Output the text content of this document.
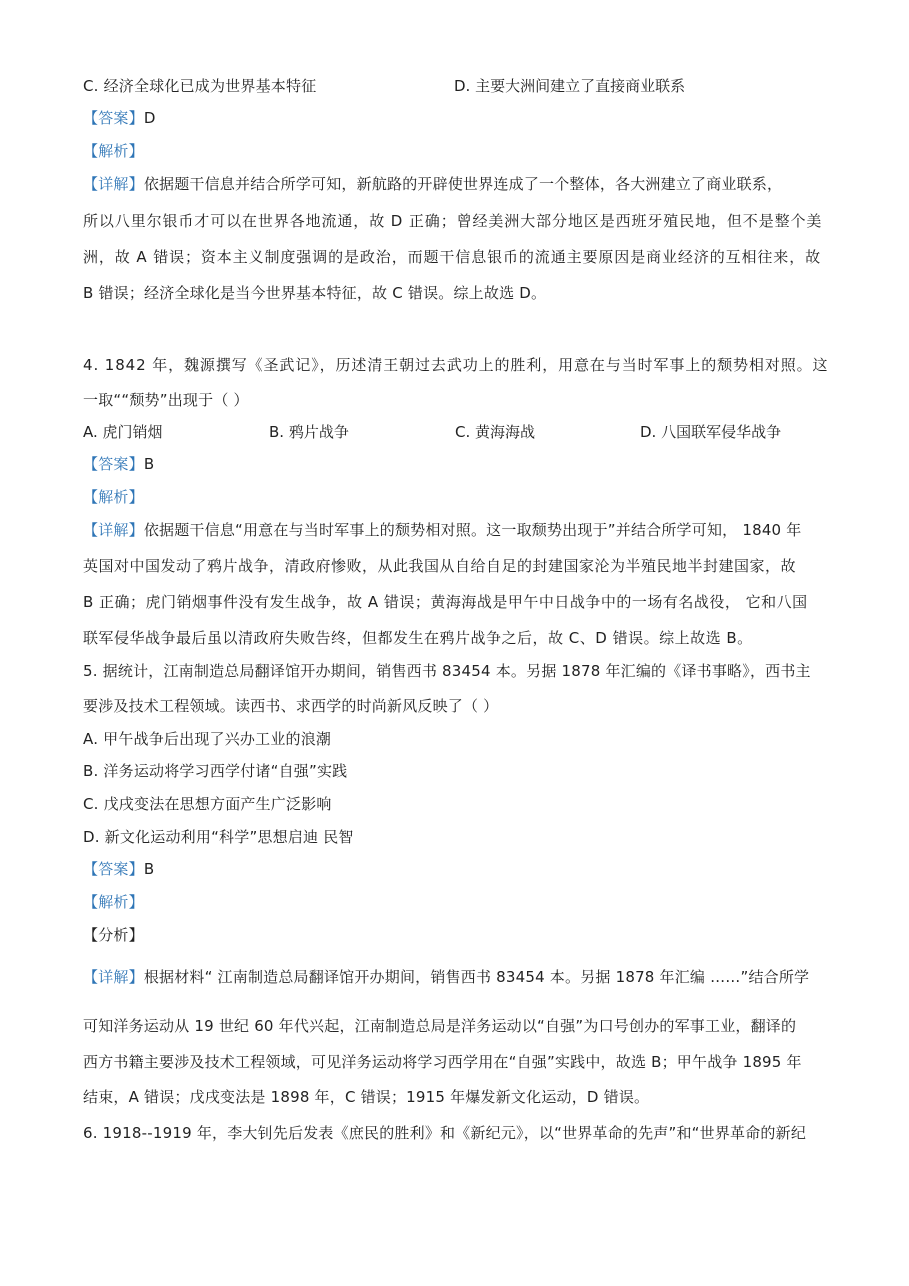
C. 经济全球化已成为世界基本特征	D. 主要大洲间建立了直接商业联系
【答案】D
【解析】
【详解】依据题干信息并结合所学可知，新航路的开辟使世界连成了一个整体，各大洲建立了商业联系，
所以八里尔银币才可以在世界各地流通，故 D 正确；曾经美洲大部分地区是西班牙殖民地，但不是整个美
洲，故 A 错误；资本主义制度强调的是政治，而题干信息银币的流通主要原因是商业经济的互相往来，故
B 错误；经济全球化是当今世界基本特征，故 C 错误。综上故选 D。
4. 1842 年，魏源撰写《圣武记》，历述清王朝过去武功上的胜利，用意在与当时军事上的颓势相对照。这
一取““颓势”出现于（ ）
A. 虎门销烟	B. 鸦片战争	C. 黄海海战	D. 八国联军侵华战争
【答案】B
【解析】
【详解】依据题干信息“用意在与当时军事上的颓势相对照。这一取颓势出现于”并结合所学可知， 1840 年
英国对中国发动了鸦片战争，清政府惨败，从此我国从自给自足的封建国家沦为半殖民地半封建国家，故
B 正确；虎门销烟事件没有发生战争，故 A 错误；黄海海战是甲午中日战争中的一场有名战役， 它和八国
联军侵华战争最后虽以清政府失败告终，但都发生在鸦片战争之后，故 C、D 错误。综上故选 B。
5. 据统计，江南制造总局翻译馆开办期间，销售西书 83454 本。另据 1878 年汇编的《译书事略》，西书主
要涉及技术工程领域。读西书、求西学的时尚新风反映了（ ）
A. 甲午战争后出现了兴办工业的浪潮
B. 洋务运动将学习西学付诸“自强”实践
C. 戊戌变法在思想方面产生广泛影响
D. 新文化运动利用“科学”思想启迪 民智
【答案】B
【解析】
【分析】
【详解】根据材料“ 江南制造总局翻译馆开办期间，销售西书 83454 本。另据 1878 年汇编 ……”结合所学
可知洋务运动从 19 世纪 60 年代兴起，江南制造总局是洋务运动以“自强”为口号创办的军事工业，翻译的
西方书籍主要涉及技术工程领域，可见洋务运动将学习西学用在“自强”实践中，故选 B；甲午战争 1895 年
结束，A 错误；戊戌变法是 1898 年，C 错误；1915 年爆发新文化运动，D 错误。
6. 1918--1919 年，李大钊先后发表《庶民的胜利》和《新纪元》，以“世界革命的先声”和“世界革命的新纪
